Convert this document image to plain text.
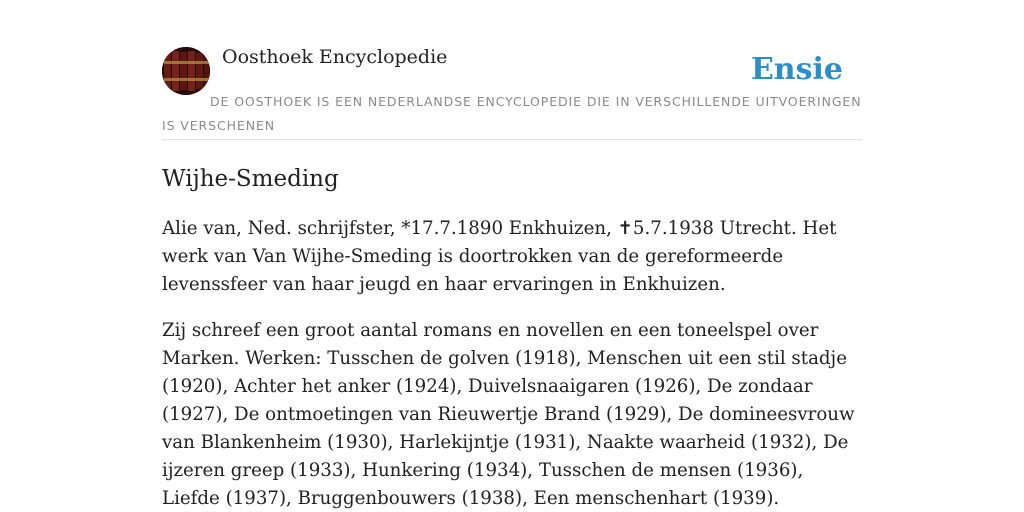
Oosthoek Encyclopedie	Ensie
DE OOSTHOEK IS EEN NEDERLANDSE ENCYCLOPEDIE DIE IN VERSCHILLENDE UITVOERINGEN IS VERSCHENEN
Wijhe-Smeding

Alie van, Ned. schrijfster, *17.7.1890 Enkhuizen, ✝5.7.1938 Utrecht. Het werk van Van Wijhe-Smeding is doortrokken van de gereformeerde levenssfeer van haar jeugd en haar ervaringen in Enkhuizen.

Zij schreef een groot aantal romans en novellen en een toneelspel over Marken. Werken: Tusschen de golven (1918), Menschen uit een stil stadje (1920), Achter het anker (1924), Duivelsnaaigaren (1926), De zondaar (1927), De ontmoetingen van Rieuwertje Brand (1929), De domineesvrouw van Blankenheim (1930), Harlekijntje (1931), Naakte waarheid (1932), De ijzeren greep (1933), Hunkering (1934), Tusschen de mensen (1936), Liefde (1937), Bruggenbouwers (1938), Een menschenhart (1939).
